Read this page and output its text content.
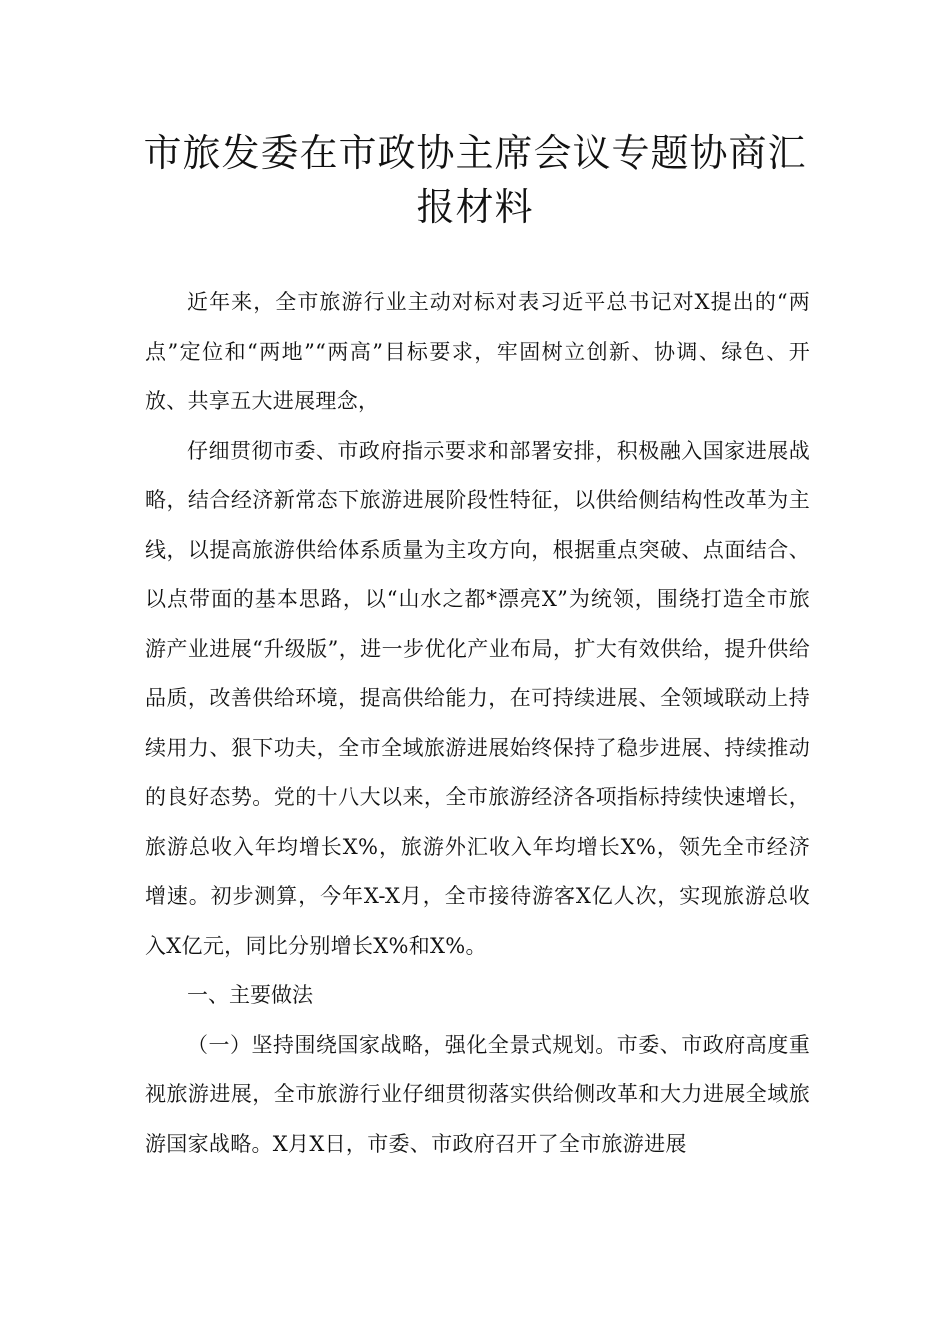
市旅发委在市政协主席会议专题协商汇
报材料

近年来，全市旅游行业主动对标对表习近平总书记对X提出的“两点”定位和“两地”“两高”目标要求，牢固树立创新、协调、绿色、开放、共享五大进展理念，

仔细贯彻市委、市政府指示要求和部署安排，积极融入国家进展战略，结合经济新常态下旅游进展阶段性特征，以供给侧结构性改革为主线，以提高旅游供给体系质量为主攻方向，根据重点突破、点面结合、以点带面的基本思路，以“山水之都*漂亮X”为统领，围绕打造全市旅游产业进展“升级版”，进一步优化产业布局，扩大有效供给，提升供给品质，改善供给环境，提高供给能力，在可持续进展、全领域联动上持续用力、狠下功夫，全市全域旅游进展始终保持了稳步进展、持续推动的良好态势。党的十八大以来，全市旅游经济各项指标持续快速增长，旅游总收入年均增长X%，旅游外汇收入年均增长X%，领先全市经济增速。初步测算，今年X-X月，全市接待游客X亿人次，实现旅游总收入X亿元，同比分别增长X%和X%。

一、主要做法

（一）坚持围绕国家战略，强化全景式规划。市委、市政府高度重视旅游进展，全市旅游行业仔细贯彻落实供给侧改革和大力进展全域旅游国家战略。X月X日，市委、市政府召开了全市旅游进展
